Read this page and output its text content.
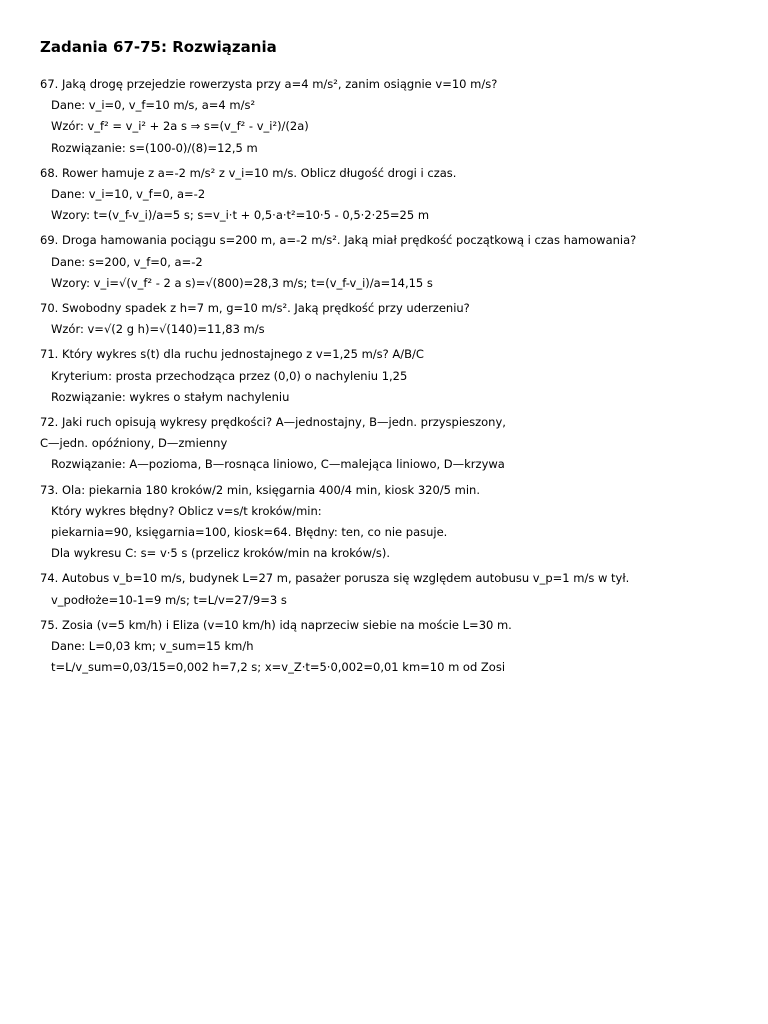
Zadania 67-75: Rozwiązania
67. Jaką drogę przejedzie rowerzysta przy a=4 m/s², zanim osiągnie v=10 m/s?
Dane: v_i=0, v_f=10 m/s, a=4 m/s²
Wzór: v_f² = v_i² + 2a s ⇒ s=(v_f² - v_i²)/(2a)
Rozwiązanie: s=(100-0)/(8)=12,5 m
68. Rower hamuje z a=-2 m/s² z v_i=10 m/s. Oblicz długość drogi i czas.
Dane: v_i=10, v_f=0, a=-2
Wzory: t=(v_f-v_i)/a=5 s; s=v_i·t + 0,5·a·t²=10·5 - 0,5·2·25=25 m
69. Droga hamowania pociągu s=200 m, a=-2 m/s². Jaką miał prędkość początkową i czas hamowania?
Dane: s=200, v_f=0, a=-2
Wzory: v_i=√(v_f² - 2 a s)=√(800)=28,3 m/s; t=(v_f-v_i)/a=14,15 s
70. Swobodny spadek z h=7 m, g=10 m/s². Jaką prędkość przy uderzeniu?
Wzór: v=√(2 g h)=√(140)=11,83 m/s
71. Który wykres s(t) dla ruchu jednostajnego z v=1,25 m/s? A/B/C
Kryterium: prosta przechodząca przez (0,0) o nachyleniu 1,25
Rozwiązanie: wykres o stałym nachyleniu
72. Jaki ruch opisują wykresy prędkości? A—jednostajny, B—jedn. przyspieszony,
C—jedn. opóźniony, D—zmienny
Rozwiązanie: A—pozioma, B—rosnąca liniowo, C—malejąca liniowo, D—krzywa
73. Ola: piekarnia 180 kroków/2 min, księgarnia 400/4 min, kiosk 320/5 min.
Który wykres błędny? Oblicz v=s/t kroków/min:
piekarnia=90, księgarnia=100, kiosk=64. Błędny: ten, co nie pasuje.
Dla wykresu C: s= v·5 s (przelicz kroków/min na kroków/s).
74. Autobus v_b=10 m/s, budynek L=27 m, pasażer porusza się względem autobusu v_p=1 m/s w tył.
v_podłoże=10-1=9 m/s; t=L/v=27/9=3 s
75. Zosia (v=5 km/h) i Eliza (v=10 km/h) idą naprzeciw siebie na moście L=30 m.
Dane: L=0,03 km; v_sum=15 km/h
t=L/v_sum=0,03/15=0,002 h=7,2 s; x=v_Z·t=5·0,002=0,01 km=10 m od Zosi
